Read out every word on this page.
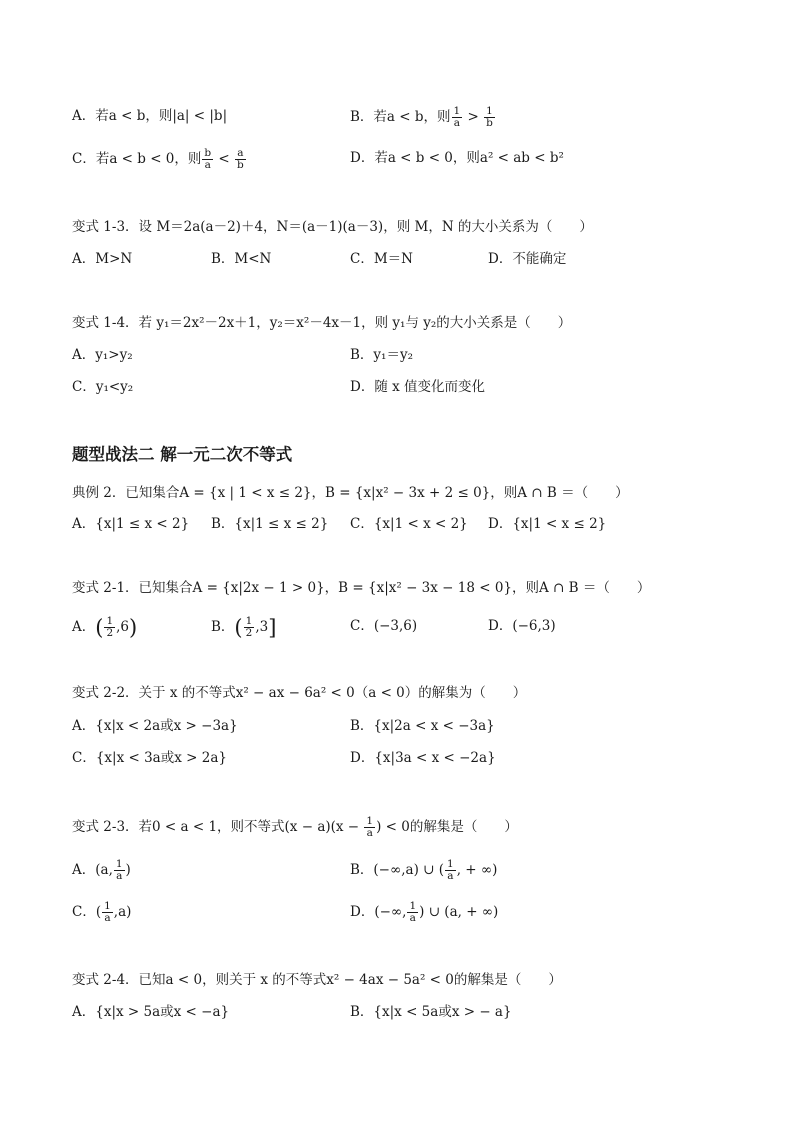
A．若a < b，则|a| < |b|	B．若a < b，则 $\frac{1}{a} > \frac{1}{b}$
C．若a < b < 0，则 $\frac{b}{a} < \frac{a}{b}$	D．若a < b < 0，则a² < ab < b²
变式 1-3．设 M＝2a(a－2)＋4，N＝(a－1)(a－3)，则 M，N 的大小关系为（　　）
A．M>N	B．M<N	C．M＝N	D．不能确定
变式 1-4．若 y₁＝2x²－2x＋1，y₂＝x²－4x－1，则 y₁与 y₂的大小关系是（　　）
A．y₁>y₂	B．y₁＝y₂
C．y₁<y₂	D．随 x 值变化而变化
题型战法二 解一元二次不等式
典例 2．已知集合A = {x | 1 < x ≤ 2}，B = {x|x² − 3x + 2 ≤ 0}，则A ∩ B ＝（　　）
A．{x|1 ≤ x < 2} B．{x|1 ≤ x ≤ 2} C．{x|1 < x < 2} D．{x|1 < x ≤ 2}
变式 2-1．已知集合A = {x|2x − 1 > 0}，B = {x|x² − 3x − 18 < 0}，则A ∩ B ＝（　　）
A．( $\frac{1}{2} ,6$)	B．( $\frac{1}{2} ,3$]	C．(−3,6)	D．(−6,3)
变式 2-2．关于 x 的不等式x² − ax − 6a² < 0（a < 0）的解集为（　　）
A．{x|x < 2a或x > −3a}	B．{x|2a < x < −3a}
C．{x|x < 3a或x > 2a}	D．{x|3a < x < −2a}
变式 2-3．若0 < a < 1，则不等式$(x - a)(x - \frac{1}{a}$ ) < 0的解集是（　　）
A．(a, $\frac{1}{a}$ )	B．(−∞,a) ∪ ( $\frac{1}{a}$ , + ∞)
C．( $\frac{1}{a} ,a$)	D．(−∞, $\frac{1}{a}$ ) ∪ (a, + ∞)
变式 2-4．已知a < 0，则关于 x 的不等式x² − 4ax − 5a² < 0的解集是（　　）
A．{x|x > 5a或x < −a}	B．{x|x < 5a或x > − a}
